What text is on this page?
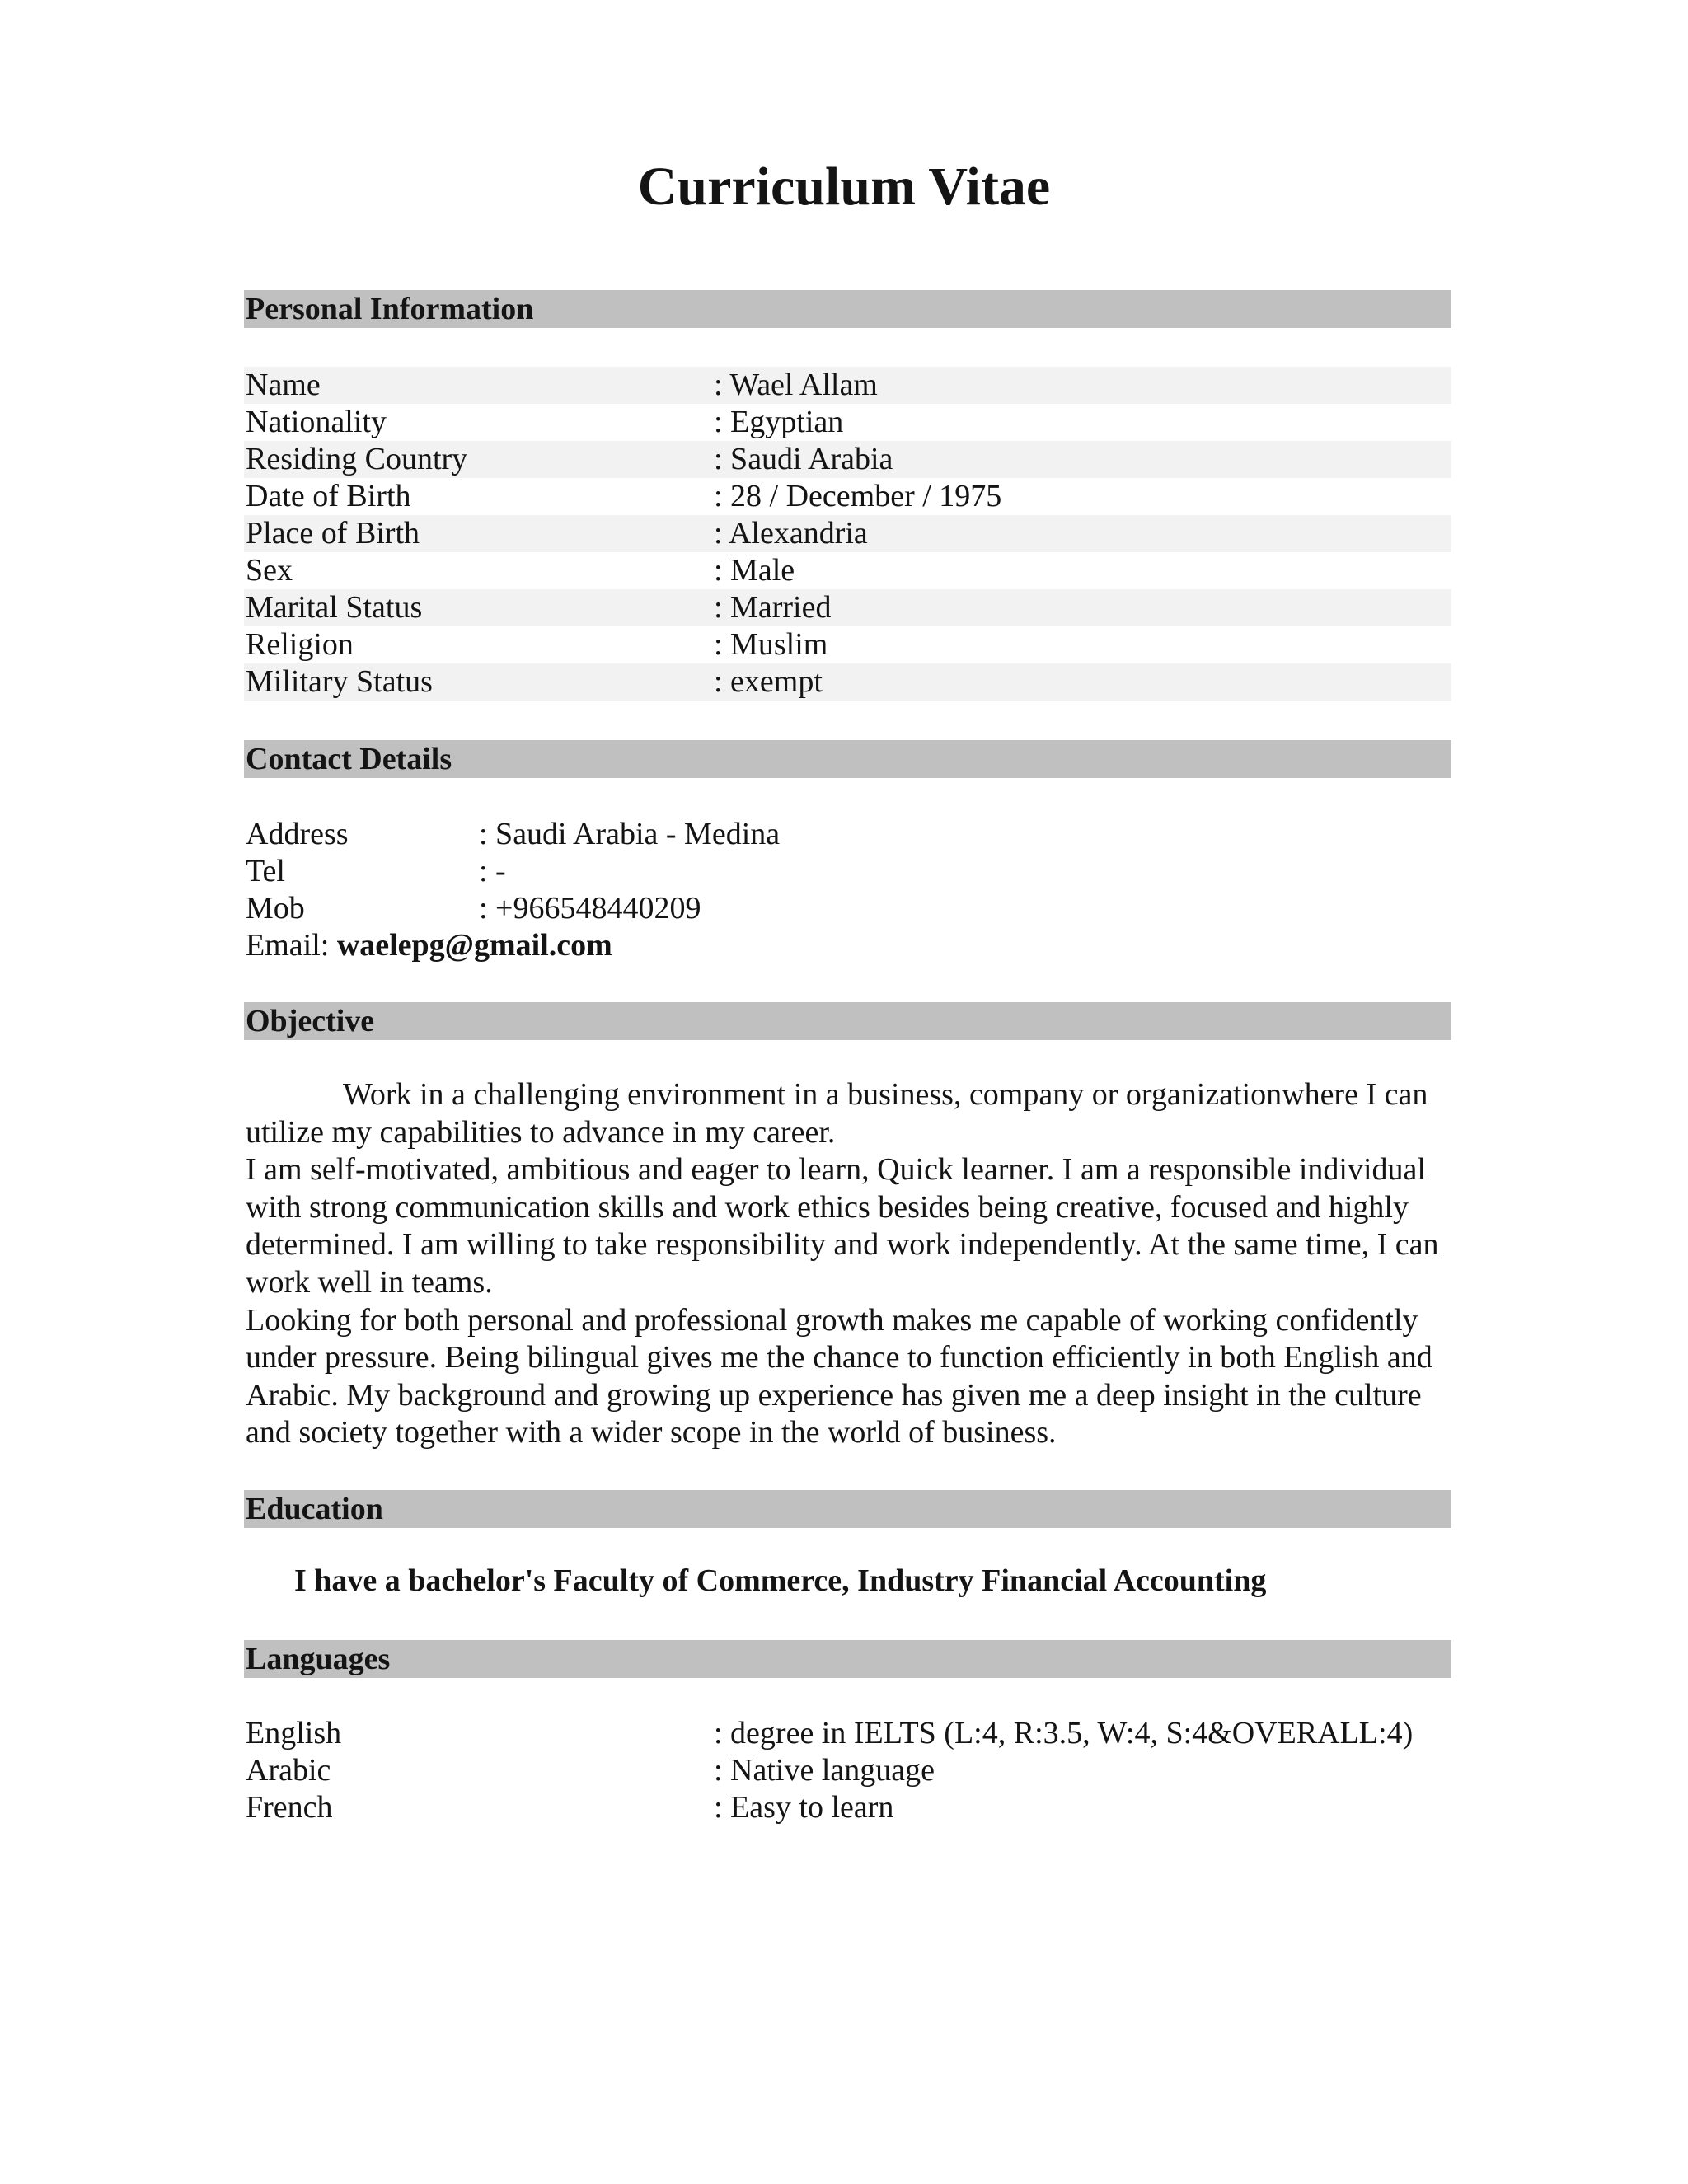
Curriculum Vitae
Personal Information
Name	: Wael Allam
Nationality	: Egyptian
Residing Country	: Saudi Arabia
Date of Birth	: 28 / December / 1975
Place of Birth	: Alexandria
Sex	: Male
Marital Status	: Married
Religion	: Muslim
Military Status	: exempt
Contact Details
Address	: Saudi Arabia - Medina
Tel	: -
Mob	: +966548440209
Email: waelepg@gmail.com
Objective

Work in a challenging environment in a business, company or organizationwhere I can utilize my capabilities to advance in my career.

I am self-motivated, ambitious and eager to learn, Quick learner. I am a responsible individual with strong communication skills and work ethics besides being creative, focused and highly determined. I am willing to take responsibility and work independently. At the same time, I can work well in teams.

Looking for both personal and professional growth makes me capable of working confidently under pressure. Being bilingual gives me the chance to function efficiently in both English and Arabic. My background and growing up experience has given me a deep insight in the culture and society together with a wider scope in the world of business.

Education

I have a bachelor's Faculty of Commerce, Industry Financial Accounting

Languages
English	: degree in IELTS (L:4, R:3.5, W:4, S:4&OVERALL:4)
Arabic	: Native language
French	: Easy to learn
